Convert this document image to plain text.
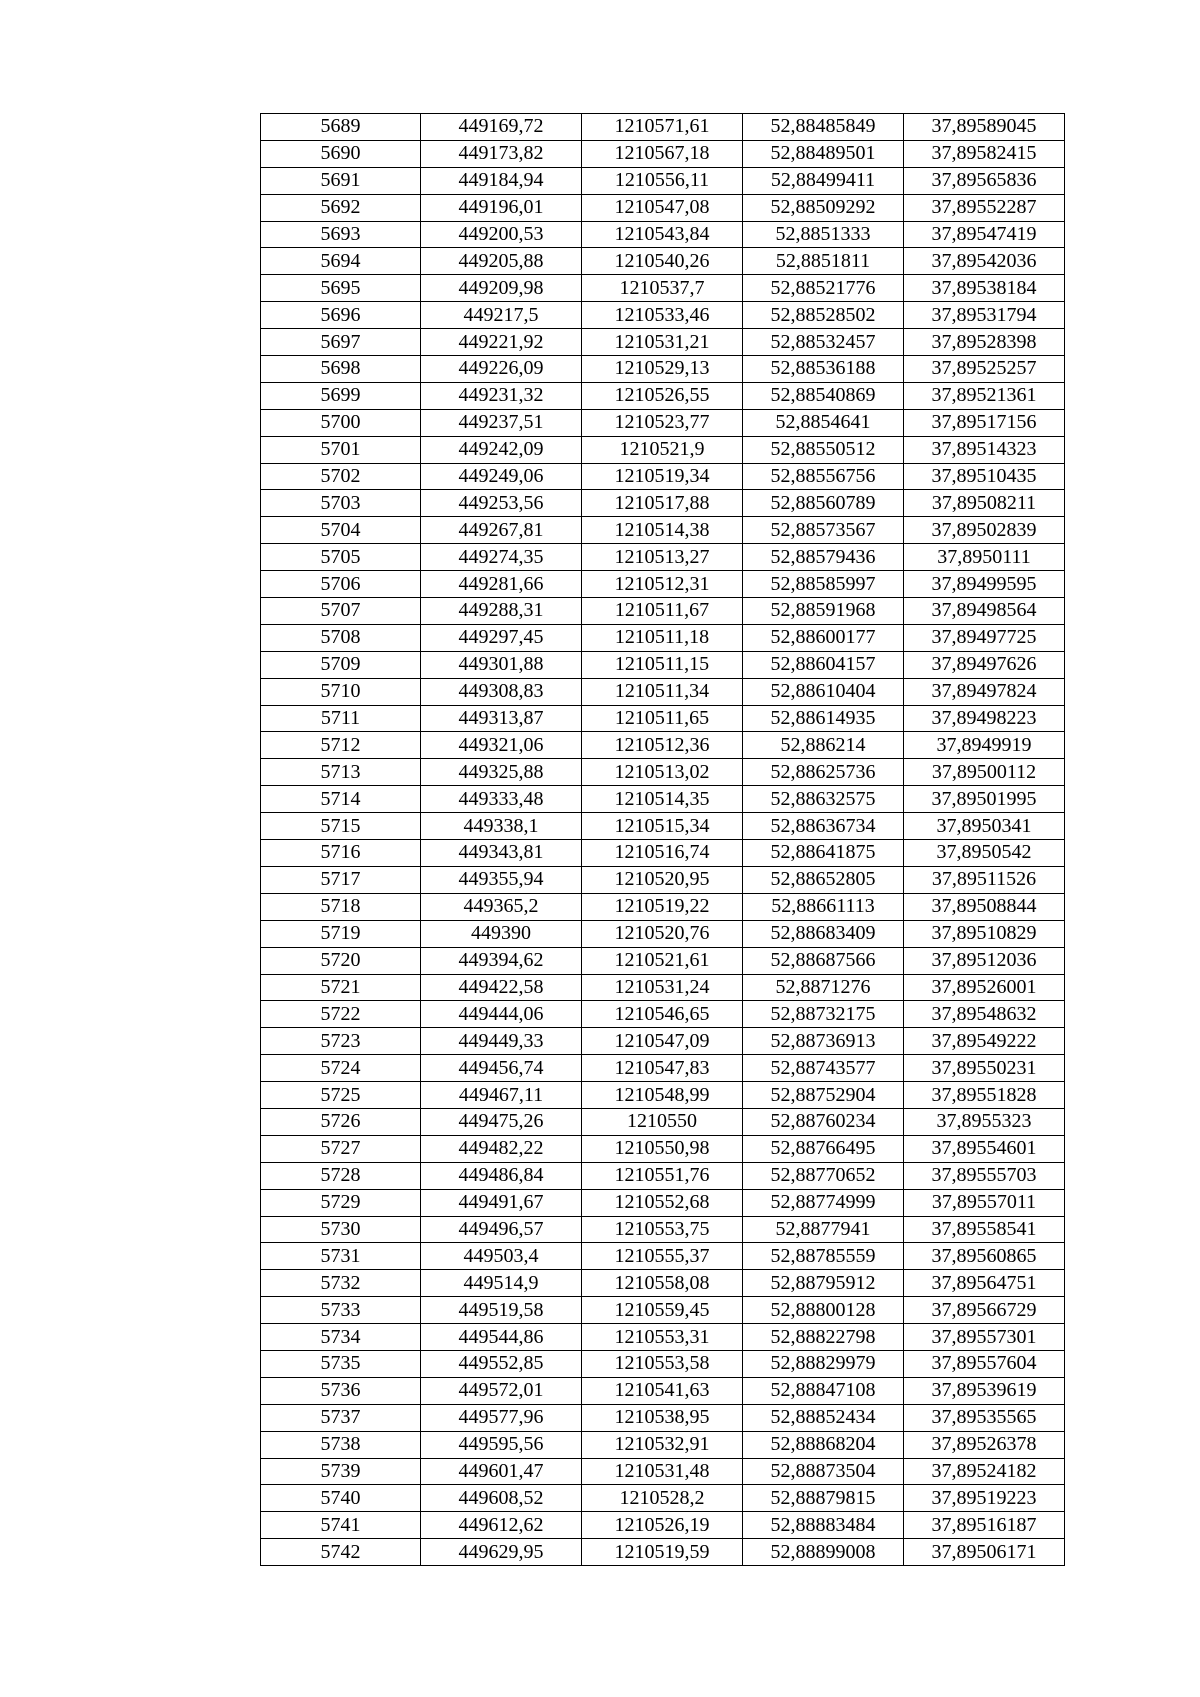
5689	449169,72	1210571,61	52,88485849	37,89589045
5690	449173,82	1210567,18	52,88489501	37,89582415
5691	449184,94	1210556,11	52,88499411	37,89565836
5692	449196,01	1210547,08	52,88509292	37,89552287
5693	449200,53	1210543,84	52,8851333	37,89547419
5694	449205,88	1210540,26	52,8851811	37,89542036
5695	449209,98	1210537,7	52,88521776	37,89538184
5696	449217,5	1210533,46	52,88528502	37,89531794
5697	449221,92	1210531,21	52,88532457	37,89528398
5698	449226,09	1210529,13	52,88536188	37,89525257
5699	449231,32	1210526,55	52,88540869	37,89521361
5700	449237,51	1210523,77	52,8854641	37,89517156
5701	449242,09	1210521,9	52,88550512	37,89514323
5702	449249,06	1210519,34	52,88556756	37,89510435
5703	449253,56	1210517,88	52,88560789	37,89508211
5704	449267,81	1210514,38	52,88573567	37,89502839
5705	449274,35	1210513,27	52,88579436	37,8950111
5706	449281,66	1210512,31	52,88585997	37,89499595
5707	449288,31	1210511,67	52,88591968	37,89498564
5708	449297,45	1210511,18	52,88600177	37,89497725
5709	449301,88	1210511,15	52,88604157	37,89497626
5710	449308,83	1210511,34	52,88610404	37,89497824
5711	449313,87	1210511,65	52,88614935	37,89498223
5712	449321,06	1210512,36	52,886214	37,8949919
5713	449325,88	1210513,02	52,88625736	37,89500112
5714	449333,48	1210514,35	52,88632575	37,89501995
5715	449338,1	1210515,34	52,88636734	37,8950341
5716	449343,81	1210516,74	52,88641875	37,8950542
5717	449355,94	1210520,95	52,88652805	37,89511526
5718	449365,2	1210519,22	52,88661113	37,89508844
5719	449390	1210520,76	52,88683409	37,89510829
5720	449394,62	1210521,61	52,88687566	37,89512036
5721	449422,58	1210531,24	52,8871276	37,89526001
5722	449444,06	1210546,65	52,88732175	37,89548632
5723	449449,33	1210547,09	52,88736913	37,89549222
5724	449456,74	1210547,83	52,88743577	37,89550231
5725	449467,11	1210548,99	52,88752904	37,89551828
5726	449475,26	1210550	52,88760234	37,8955323
5727	449482,22	1210550,98	52,88766495	37,89554601
5728	449486,84	1210551,76	52,88770652	37,89555703
5729	449491,67	1210552,68	52,88774999	37,89557011
5730	449496,57	1210553,75	52,8877941	37,89558541
5731	449503,4	1210555,37	52,88785559	37,89560865
5732	449514,9	1210558,08	52,88795912	37,89564751
5733	449519,58	1210559,45	52,88800128	37,89566729
5734	449544,86	1210553,31	52,88822798	37,89557301
5735	449552,85	1210553,58	52,88829979	37,89557604
5736	449572,01	1210541,63	52,88847108	37,89539619
5737	449577,96	1210538,95	52,88852434	37,89535565
5738	449595,56	1210532,91	52,88868204	37,89526378
5739	449601,47	1210531,48	52,88873504	37,89524182
5740	449608,52	1210528,2	52,88879815	37,89519223
5741	449612,62	1210526,19	52,88883484	37,89516187
5742	449629,95	1210519,59	52,88899008	37,89506171
